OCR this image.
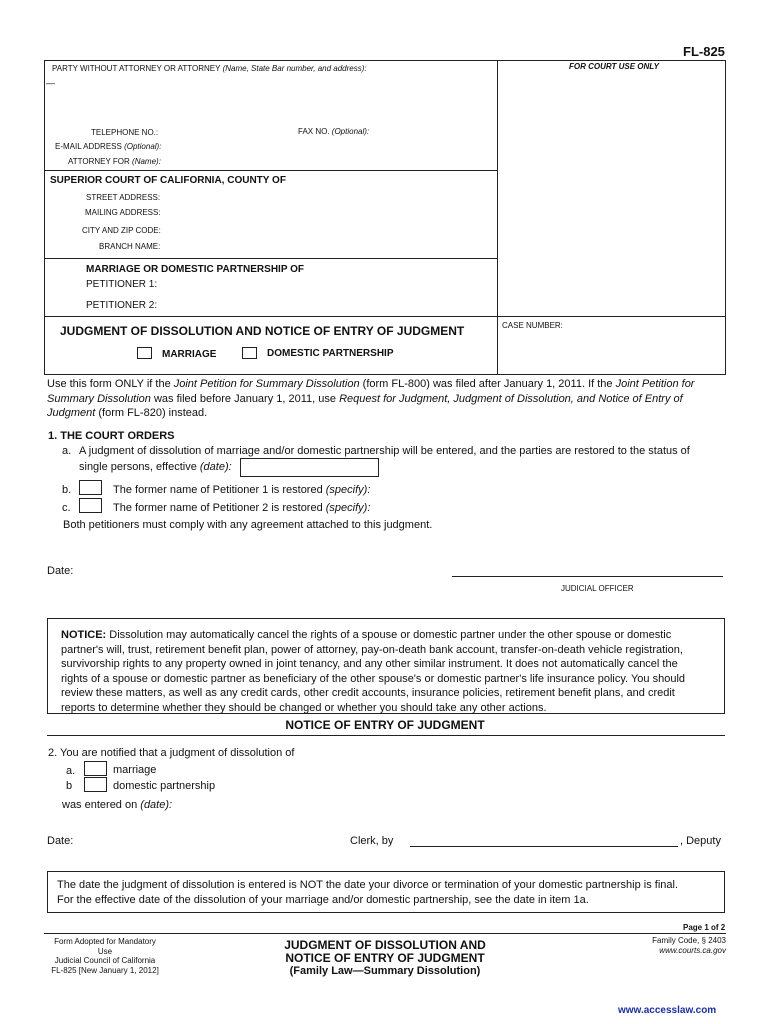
FL-825
PARTY WITHOUT ATTORNEY OR ATTORNEY (Name, State Bar number, and address):	FOR COURT USE ONLY
—
TELEPHONE NO.:	FAX NO. (Optional):
E-MAIL ADDRESS (Optional):
ATTORNEY FOR (Name):
SUPERIOR COURT OF CALIFORNIA, COUNTY OF
STREET ADDRESS:
MAILING ADDRESS:
CITY AND ZIP CODE:
BRANCH NAME:
MARRIAGE OR DOMESTIC PARTNERSHIP OF
PETITIONER 1:
PETITIONER 2:
JUDGMENT OF DISSOLUTION AND NOTICE OF ENTRY OF JUDGMENT	CASE NUMBER:
MARRIAGE	DOMESTIC PARTNERSHIP
Use this form ONLY if the Joint Petition for Summary Dissolution (form FL-800) was filed after January 1, 2011. If the Joint Petition for Summary Dissolution was filed before January 1, 2011, use Request for Judgment, Judgment of Dissolution, and Notice of Entry of Judgment (form FL-820) instead.
1. THE COURT ORDERS
a. A judgment of dissolution of marriage and/or domestic partnership will be entered, and the parties are restored to the status of
single persons, effective (date):
b.	The former name of Petitioner 1 is restored (specify):
c.	The former name of Petitioner 2 is restored (specify):
Both petitioners must comply with any agreement attached to this judgment.
Date:
JUDICIAL OFFICER
NOTICE: Dissolution may automatically cancel the rights of a spouse or domestic partner under the other spouse or domestic
partner's will, trust, retirement benefit plan, power of attorney, pay-on-death bank account, transfer-on-death vehicle registration,
survivorship rights to any property owned in joint tenancy, and any other similar instrument. It does not automatically cancel the
rights of a spouse or domestic partner as beneficiary of the other spouse's or domestic partner's life insurance policy. You should
review these matters, as well as any credit cards, other credit accounts, insurance policies, retirement benefit plans, and credit
reports to determine whether they should be changed or whether you should take any other actions.
NOTICE OF ENTRY OF JUDGMENT
2. You are notified that a judgment of dissolution of
a.	marriage
b	domestic partnership
was entered on (date):
Date:	Clerk, by	, Deputy
The date the judgment of dissolution is entered is NOT the date your divorce or termination of your domestic partnership is final.
For the effective date of the dissolution of your marriage and/or domestic partnership, see the date in item 1a.
Page 1 of 2
Form Adopted for Mandatory Use
Judicial Council of California
FL-825 [New January 1, 2012]
JUDGMENT OF DISSOLUTION AND
NOTICE OF ENTRY OF JUDGMENT
(Family Law—Summary Dissolution)
Family Code, § 2403
www.courts.ca.gov
www.accesslaw.com
